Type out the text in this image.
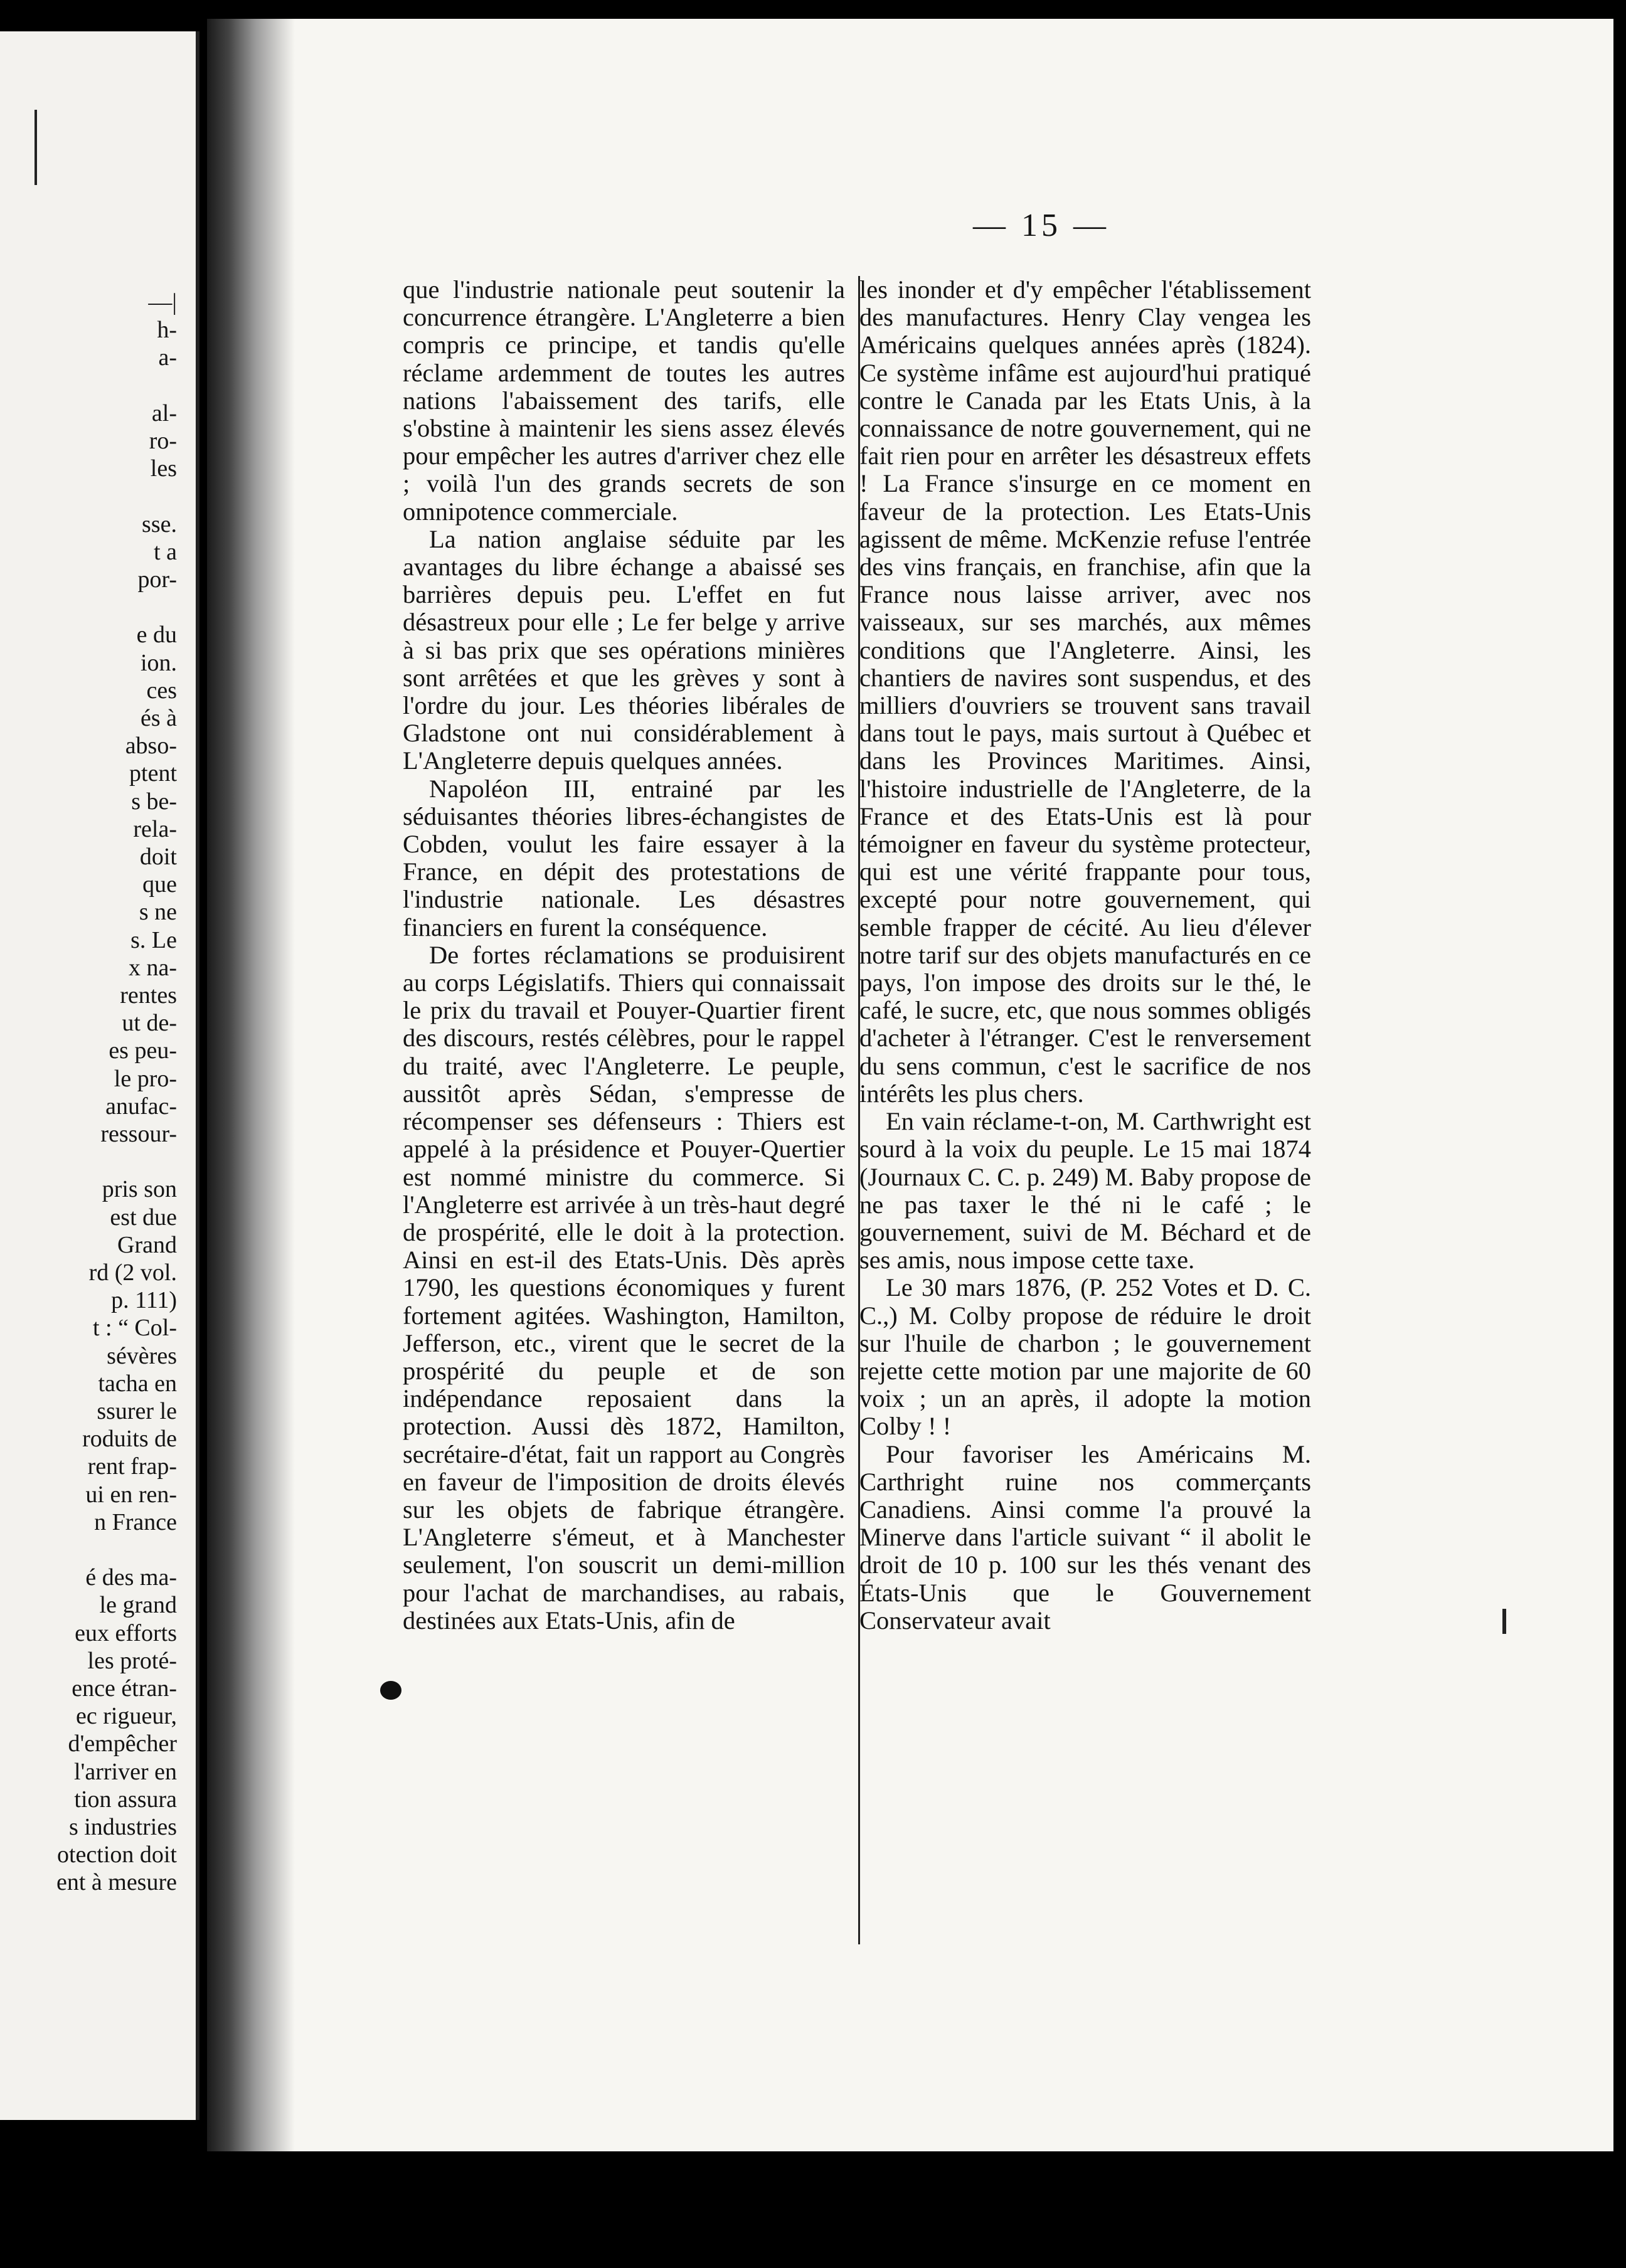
—|
h-
a-
al-
ro-
les
sse.
t a
por-
e du
ion.
ces
és à
abso-
ptent
s be-
rela-
doit
que
s ne
s. Le
x na-
rentes
ut de-
es peu-
le pro-
anufac-
ressour-
pris son
est due
Grand
rd (2 vol.
p. 111)
t : “ Col-
sévères
tacha en
ssurer le
roduits de
rent frap-
ui en ren-
n France
é des ma-
le grand
eux efforts
les proté-
ence étran-
ec rigueur,
d'empêcher
l'arriver en
tion assura
s industries
otection doit
ent à mesure
— 15 —

que l'industrie nationale peut soutenir la concurrence étrangère. L'Angleterre a bien compris ce principe, et tandis qu'elle réclame ardemment de toutes les autres nations l'abaissement des tarifs, elle s'obstine à maintenir les siens assez élevés pour empêcher les autres d'arriver chez elle ; voilà l'un des grands secrets de son omnipotence commerciale.

La nation anglaise séduite par les avantages du libre échange a abaissé ses barrières depuis peu. L'effet en fut désastreux pour elle ; Le fer belge y arrive à si bas prix que ses opérations minières sont arrêtées et que les grèves y sont à l'ordre du jour. Les théories libérales de Gladstone ont nui considérablement à L'Angleterre depuis quelques années.

Napoléon III, entrainé par les séduisantes théories libres-échangistes de Cobden, voulut les faire essayer à la France, en dépit des protestations de l'industrie nationale. Les désastres financiers en furent la conséquence.

De fortes réclamations se produisirent au corps Législatifs. Thiers qui connaissait le prix du travail et Pouyer-Quartier firent des discours, restés célèbres, pour le rappel du traité, avec l'Angleterre. Le peuple, aussitôt après Sédan, s'empresse de récompenser ses défenseurs : Thiers est appelé à la présidence et Pouyer-Quertier est nommé ministre du commerce. Si l'Angleterre est arrivée à un très-haut degré de prospérité, elle le doit à la protection. Ainsi en est-il des Etats-Unis. Dès après 1790, les questions économiques y furent fortement agitées. Washington, Hamilton, Jefferson, etc., virent que le secret de la prospérité du peuple et de son indépendance reposaient dans la protection. Aussi dès 1872, Hamilton, secrétaire-d'état, fait un rapport au Congrès en faveur de l'imposition de droits élevés sur les objets de fabrique étrangère. L'Angleterre s'émeut, et à Manchester seulement, l'on souscrit un demi-million pour l'achat de marchandises, au rabais, destinées aux Etats-Unis, afin de

les inonder et d'y empêcher l'établissement des manufactures. Henry Clay vengea les Américains quelques années après (1824). Ce système infâme est aujourd'hui pratiqué contre le Canada par les Etats Unis, à la connaissance de notre gouvernement, qui ne fait rien pour en arrêter les désastreux effets ! La France s'insurge en ce moment en faveur de la protection. Les Etats-Unis agissent de même. McKenzie refuse l'entrée des vins français, en franchise, afin que la France nous laisse arriver, avec nos vaisseaux, sur ses marchés, aux mêmes conditions que l'Angleterre. Ainsi, les chantiers de navires sont suspendus, et des milliers d'ouvriers se trouvent sans travail dans tout le pays, mais surtout à Québec et dans les Provinces Maritimes. Ainsi, l'histoire industrielle de l'Angleterre, de la France et des Etats-Unis est là pour témoigner en faveur du système protecteur, qui est une vérité frappante pour tous, excepté pour notre gouvernement, qui semble frapper de cécité. Au lieu d'élever notre tarif sur des objets manufacturés en ce pays, l'on impose des droits sur le thé, le café, le sucre, etc, que nous sommes obligés d'acheter à l'étranger. C'est le renversement du sens commun, c'est le sacrifice de nos intérêts les plus chers.

En vain réclame-t-on, M. Carthwright est sourd à la voix du peuple. Le 15 mai 1874 (Journaux C. C. p. 249) M. Baby propose de ne pas taxer le thé ni le café ; le gouvernement, suivi de M. Béchard et de ses amis, nous impose cette taxe.

Le 30 mars 1876, (P. 252 Votes et D. C. C.,) M. Colby propose de réduire le droit sur l'huile de charbon ; le gouvernement rejette cette motion par une majorite de 60 voix ; un an après, il adopte la motion Colby ! !

Pour favoriser les Américains M. Carthright ruine nos commerçants Canadiens. Ainsi comme l'a prouvé la Minerve dans l'article suivant “ il abolit le droit de 10 p. 100 sur les thés venant des États-Unis que le Gouvernement Conservateur avait
